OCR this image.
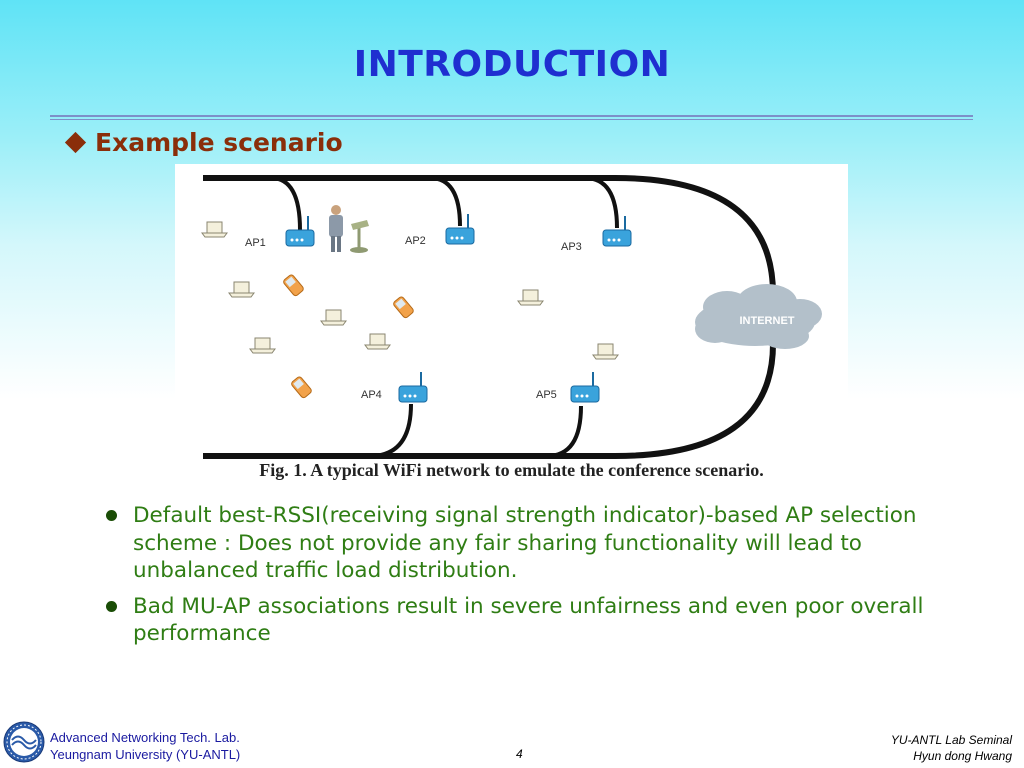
INTRODUCTION
Example scenario
AP1	AP2	AP3
AP4	AP5
INTERNET
Fig. 1. A typical WiFi network to emulate the conference scenario.
Default best-RSSI(receiving signal strength indicator)-based AP selection scheme : Does not provide any fair sharing functionality will lead to unbalanced traffic load distribution.
Bad MU-AP associations result in severe unfairness and even poor overall performance
Advanced Networking Tech. Lab.
Yeungnam University (YU-ANTL)	4
YU-ANTL Lab Seminal
Hyun dong Hwang
